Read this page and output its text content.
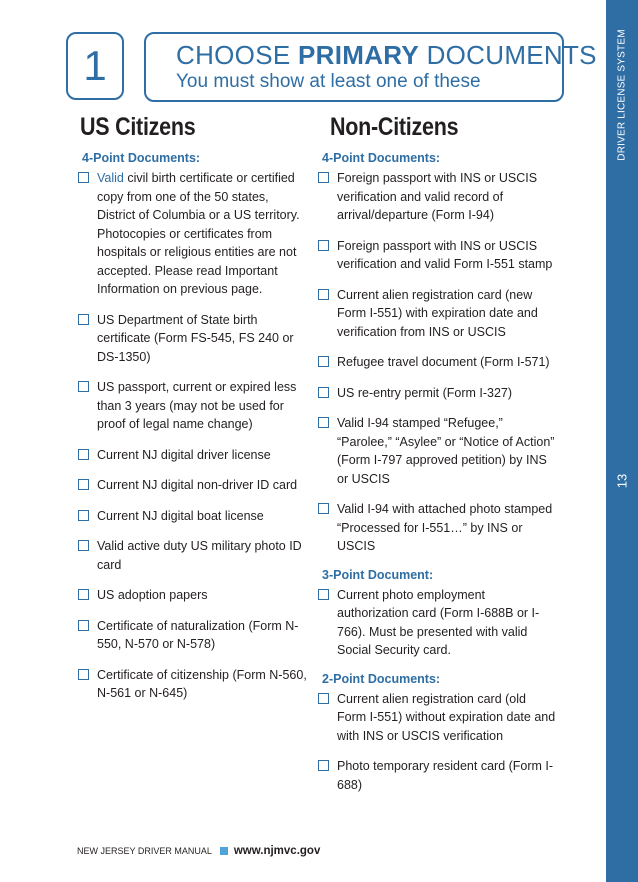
DRIVER LICENSE SYSTEM
13
1	CHOOSE PRIMARY DOCUMENTS
You must show at least one of these
US Citizens	Non-Citizens
4-Point Documents:
Valid civil birth certificate or certified copy from one of the 50 states, District of Columbia or a US territory. Photocopies or certificates from hospitals or religious entities are not accepted. Please read Important Information on previous page.
US Department of State birth certificate (Form FS-545, FS 240 or DS-1350)
US passport, current or expired less than 3 years (may not be used for proof of legal name change)
Current NJ digital driver license
Current NJ digital non-driver ID card
Current NJ digital boat license
Valid active duty US military photo ID card
US adoption papers
Certificate of naturalization (Form N-550, N-570 or N-578)
Certificate of citizenship (Form N-560, N-561 or N-645)
4-Point Documents:
Foreign passport with INS or USCIS verification and valid record of arrival/departure (Form I-94)
Foreign passport with INS or USCIS verification and valid Form I-551 stamp
Current alien registration card (new Form I-551) with expiration date and verification from INS or USCIS
Refugee travel document (Form I-571)
US re-entry permit (Form I-327)
Valid I-94 stamped “Refugee,” “Parolee,” “Asylee” or “Notice of Action” (Form I-797 approved petition) by INS or USCIS
Valid I-94 with attached photo stamped “Processed for I-551…” by INS or USCIS
3-Point Document:
Current photo employment authorization card (Form I-688B or I-766). Must be presented with valid Social Security card.
2-Point Documents:
Current alien registration card (old Form I-551) without expiration date and with INS or USCIS verification
Photo temporary resident card (Form I-688)
NEW JERSEY DRIVER MANUAL www.njmvc.gov
